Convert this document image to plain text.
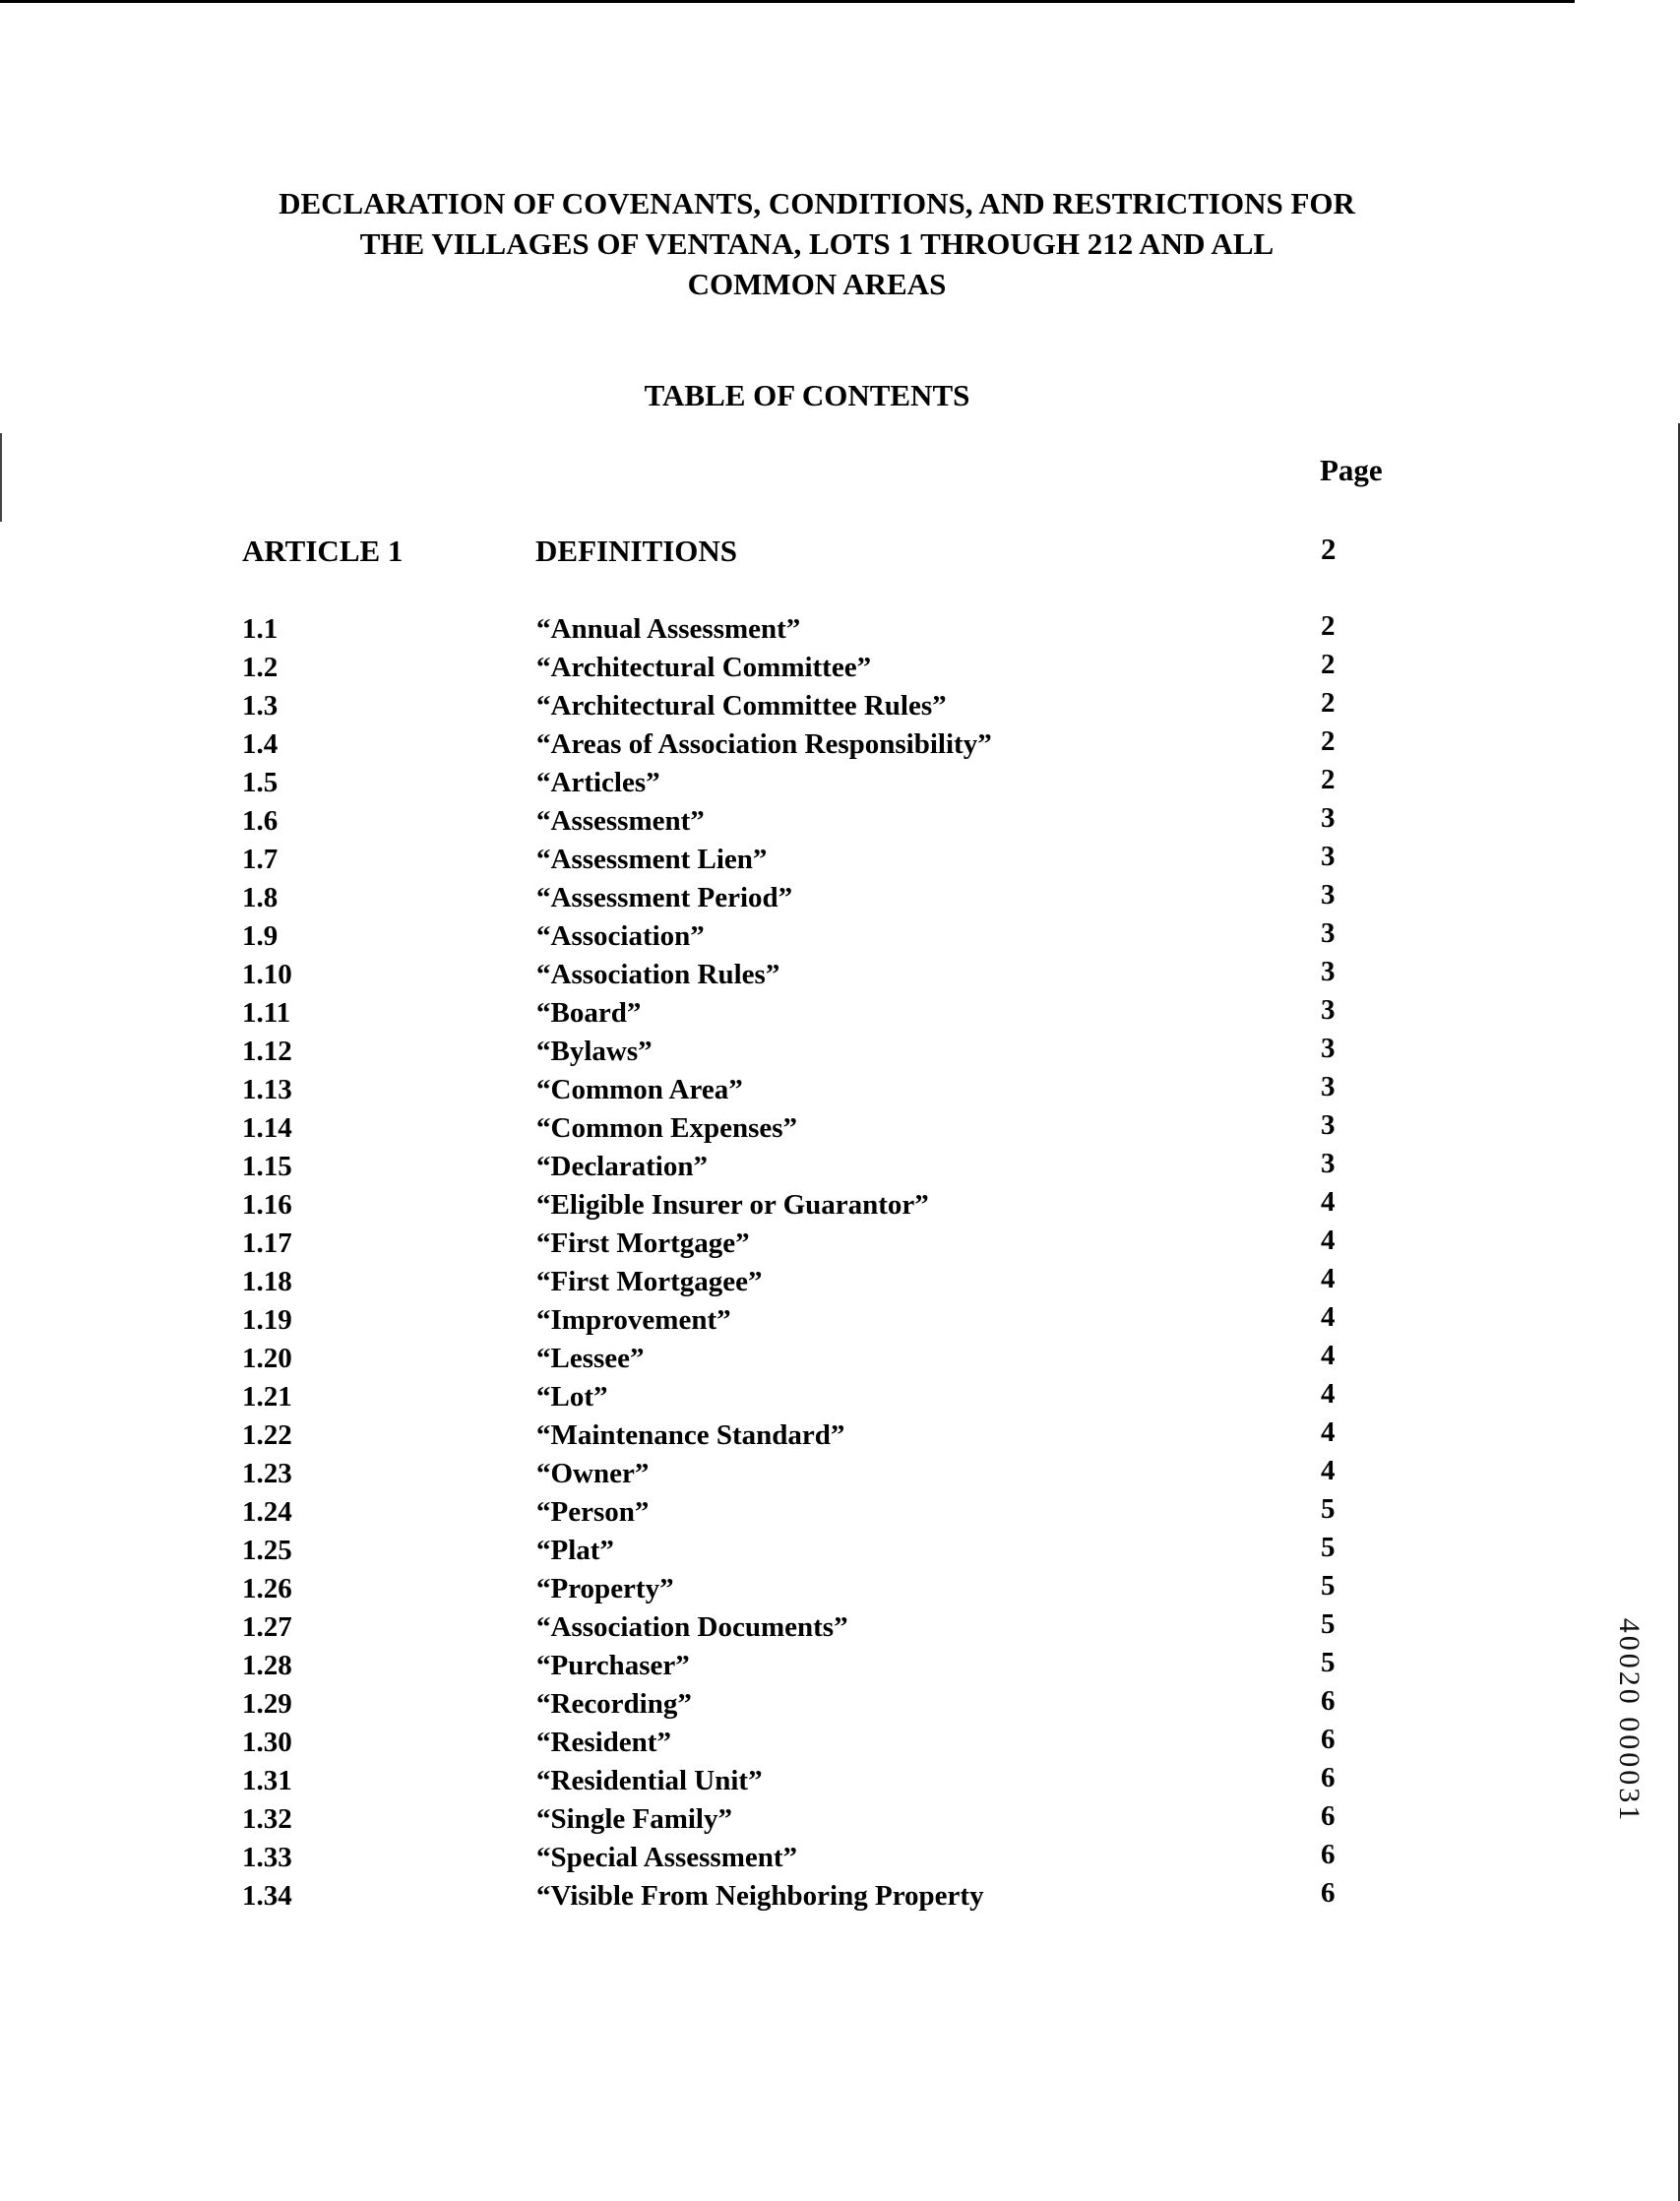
DECLARATION OF COVENANTS, CONDITIONS, AND RESTRICTIONS FOR
THE VILLAGES OF VENTANA, LOTS 1 THROUGH 212 AND ALL
COMMON AREAS
TABLE OF CONTENTS
Page
ARTICLE 1	DEFINITIONS	2
1.1	“Annual Assessment”	2
1.2	“Architectural Committee”	2
1.3	“Architectural Committee Rules”	2
1.4	“Areas of Association Responsibility”	2
1.5	“Articles”	2
1.6	“Assessment”	3
1.7	“Assessment Lien”	3
1.8	“Assessment Period”	3
1.9	“Association”	3
1.10	“Association Rules”	3
1.11	“Board”	3
1.12	“Bylaws”	3
1.13	“Common Area”	3
1.14	“Common Expenses”	3
1.15	“Declaration”	3
1.16	“Eligible Insurer or Guarantor”	4
1.17	“First Mortgage”	4
1.18	“First Mortgagee”	4
1.19	“Improvement”	4
1.20	“Lessee”	4
1.21	“Lot”	4
1.22	“Maintenance Standard”	4
1.23	“Owner”	4
1.24	“Person”	5
1.25	“Plat”	5
1.26	“Property”	5
1.27	“Association Documents”	5
1.28	“Purchaser”	5
1.29	“Recording”	6
1.30	“Resident”	6
1.31	“Residential Unit”	6
1.32	“Single Family”	6
1.33	“Special Assessment”	6
1.34	“Visible From Neighboring Property	6
40020 000031
